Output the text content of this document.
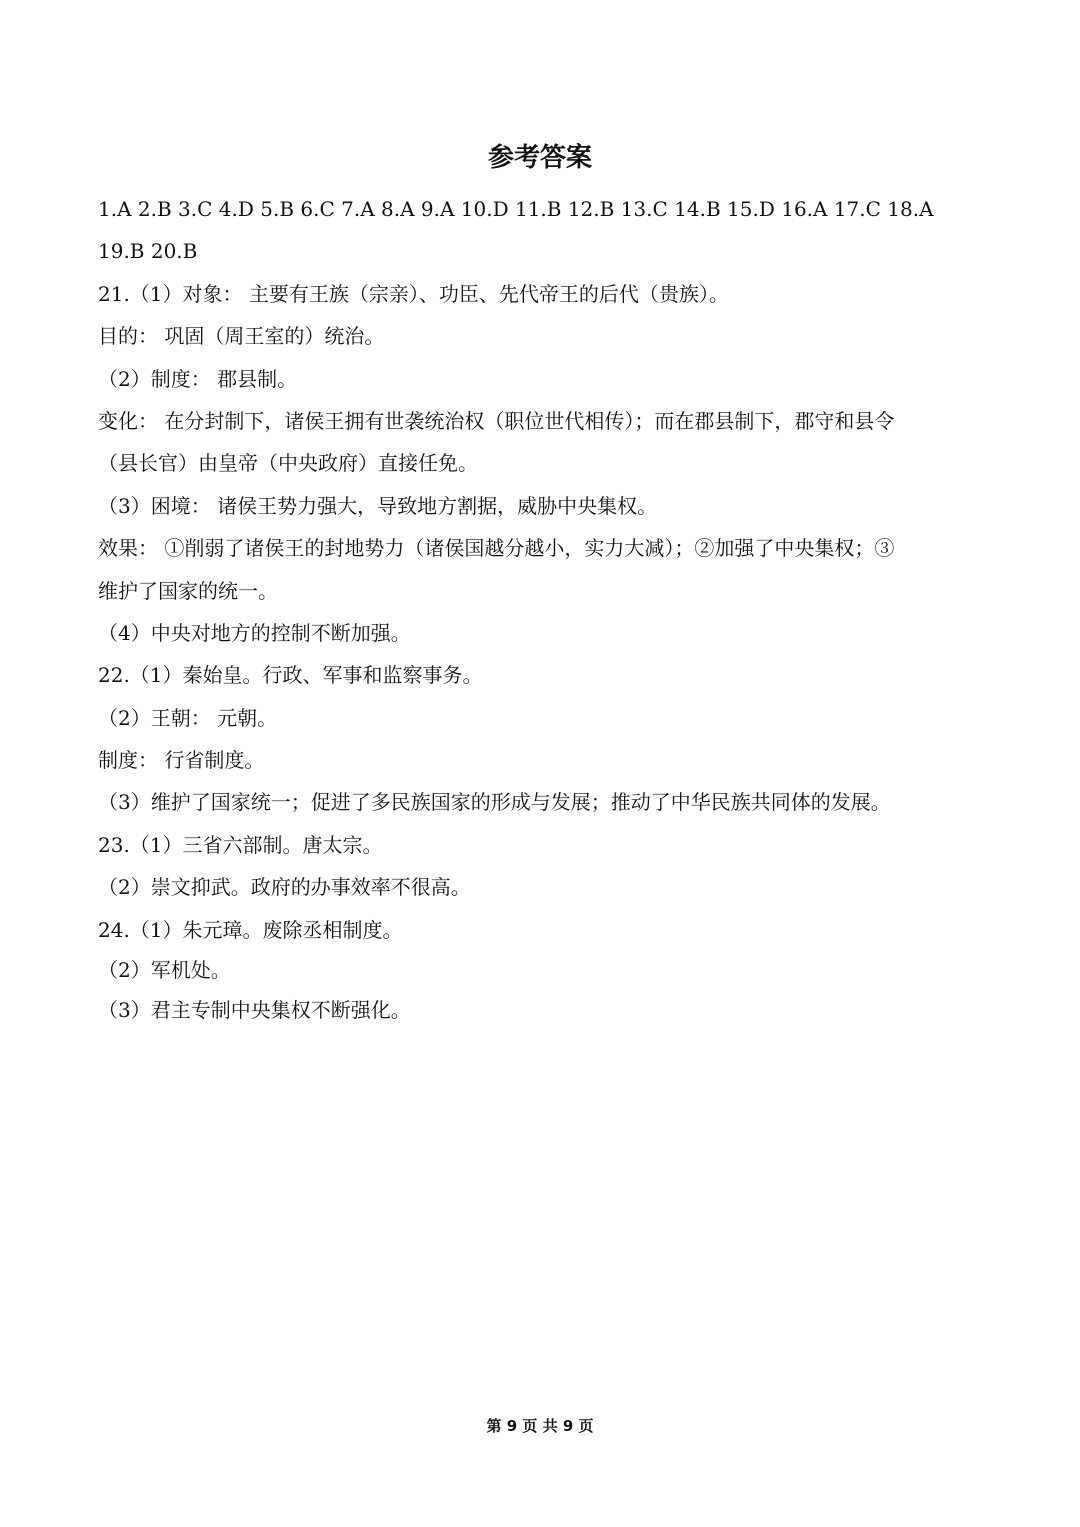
参考答案
1.A 2.B 3.C 4.D 5.B 6.C 7.A 8.A 9.A 10.D 11.B 12.B 13.C 14.B 15.D 16.A 17.C 18.A
19.B 20.B
21.（1）对象： 主要有王族（宗亲）、功臣、先代帝王的后代（贵族）。
目的： 巩固（周王室的）统治。
（2）制度： 郡县制。
变化： 在分封制下，诸侯王拥有世袭统治权（职位世代相传）；而在郡县制下，郡守和县令
（县长官）由皇帝（中央政府）直接任免。
（3）困境： 诸侯王势力强大，导致地方割据，威胁中央集权。
效果： ①削弱了诸侯王的封地势力（诸侯国越分越小，实力大减）；②加强了中央集权；③
维护了国家的统一。
（4）中央对地方的控制不断加强。
22.（1）秦始皇。行政、军事和监察事务。
（2）王朝： 元朝。
制度： 行省制度。
（3）维护了国家统一；促进了多民族国家的形成与发展；推动了中华民族共同体的发展。
23.（1）三省六部制。唐太宗。
（2）崇文抑武。政府的办事效率不很高。
24.（1）朱元璋。废除丞相制度。
（2）军机处。
（3）君主专制中央集权不断强化。
第 9 页 共 9 页
